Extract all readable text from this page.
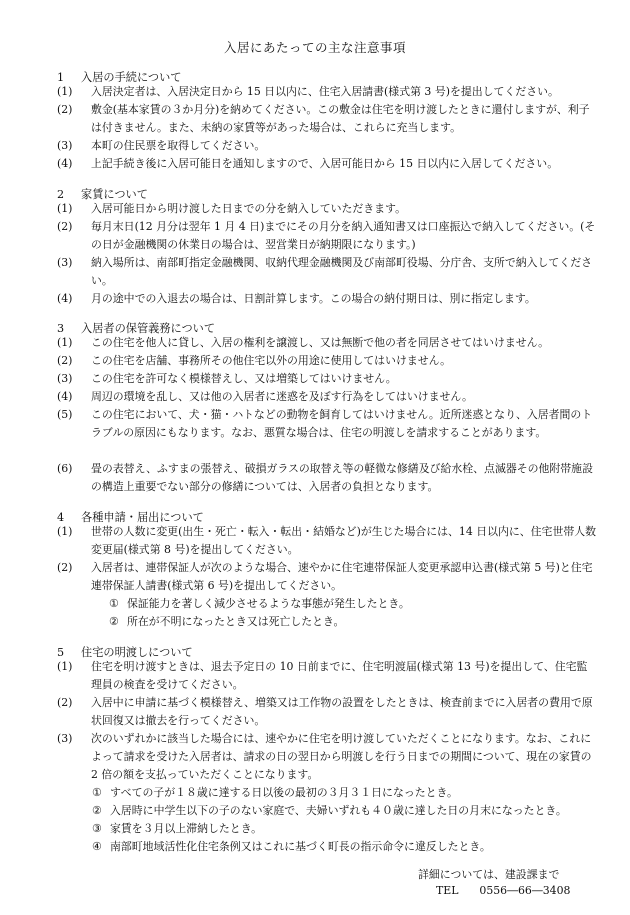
入居にあたっての主な注意事項
1 入居の手続について
(1) 入居決定者は、入居決定日から 15 日以内に、住宅入居請書(様式第 3 号)を提出してください。
(2) 敷金(基本家賃の３か月分)を納めてください。この敷金は住宅を明け渡したときに還付しますが、利子は付きません。また、未納の家賃等があった場合は、これらに充当します。
(3) 本町の住民票を取得してください。
(4) 上記手続き後に入居可能日を通知しますので、入居可能日から 15 日以内に入居してください。
2 家賃について
(1) 入居可能日から明け渡した日までの分を納入していただきます。
(2) 毎月末日(12 月分は翌年 1 月 4 日)までにその月分を納入通知書又は口座振込で納入してください。(その日が金融機関の休業日の場合は、翌営業日が納期限になります。)
(3) 納入場所は、南部町指定金融機関、収納代理金融機関及び南部町役場、分庁舎、支所で納入してください。
(4) 月の途中での入退去の場合は、日割計算します。この場合の納付期日は、別に指定します。
3 入居者の保管義務について
(1) この住宅を他人に貸し、入居の権利を譲渡し、又は無断で他の者を同居させてはいけません。
(2) この住宅を店舗、事務所その他住宅以外の用途に使用してはいけません。
(3) この住宅を許可なく模様替えし、又は増築してはいけません。
(4) 周辺の環境を乱し、又は他の入居者に迷惑を及ぼす行為をしてはいけません。
(5) この住宅において、犬・猫・ハトなどの動物を飼育してはいけません。近所迷惑となり、入居者間のトラブルの原因にもなります。なお、悪質な場合は、住宅の明渡しを請求することがあります。
(6) 畳の表替え、ふすまの張替え、破損ガラスの取替え等の軽微な修繕及び給水栓、点滅器その他附帯施設の構造上重要でない部分の修繕については、入居者の負担となります。
4 各種申請・届出について
(1) 世帯の人数に変更(出生・死亡・転入・転出・結婚など)が生じた場合には、14 日以内に、住宅世帯人数変更届(様式第 8 号)を提出してください。
(2) 入居者は、連帯保証人が次のような場合、速やかに住宅連帯保証人変更承認申込書(様式第 5 号)と住宅連帯保証人請書(様式第 6 号)を提出してください。
① 保証能力を著しく減少させるような事態が発生したとき。
② 所在が不明になったとき又は死亡したとき。
5 住宅の明渡しについて
(1) 住宅を明け渡すときは、退去予定日の 10 日前までに、住宅明渡届(様式第 13 号)を提出して、住宅監理員の検査を受けてください。
(2) 入居中に申請に基づく模様替え、増築又は工作物の設置をしたときは、検査前までに入居者の費用で原状回復又は撤去を行ってください。
(3) 次のいずれかに該当した場合には、速やかに住宅を明け渡していただくことになります。なお、これによって請求を受けた入居者は、請求の日の翌日から明渡しを行う日までの期間について、現在の家賃の 2 倍の額を支払っていただくことになります。
① すべての子が１８歳に達する日以後の最初の３月３１日になったとき。
② 入居時に中学生以下の子のない家庭で、夫婦いずれも４０歳に達した日の月末になったとき。
③ 家賃を３月以上滞納したとき。
④ 南部町地域活性化住宅条例又はこれに基づく町長の指示命令に違反したとき。
詳細については、建設課まで
TEL 0556―66―3408
